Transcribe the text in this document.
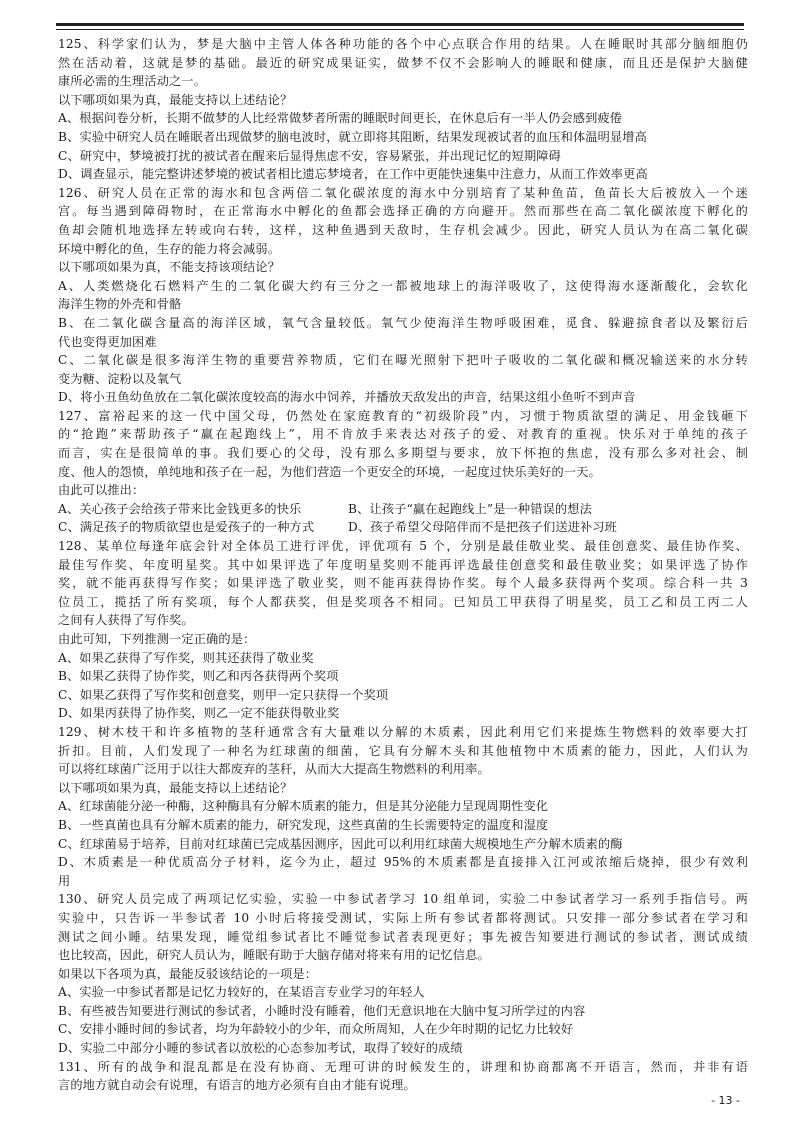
125、科学家们认为，梦是大脑中主管人体各种功能的各个中心点联合作用的结果。人在睡眠时其部分脑细胞仍
然在活动着，这就是梦的基础。最近的研究成果证实，做梦不仅不会影响人的睡眠和健康，而且还是保护大脑健
康所必需的生理活动之一。
以下哪项如果为真，最能支持以上述结论？
A、根据问卷分析，长期不做梦的人比经常做梦者所需的睡眠时间更长，在休息后有一半人仍会感到疲倦
B、实验中研究人员在睡眠者出现做梦的脑电波时，就立即将其阻断，结果发现被试者的血压和体温明显增高
C、研究中，梦境被打扰的被试者在醒来后显得焦虑不安，容易紧张，并出现记忆的短期障碍
D、调查显示，能完整讲述梦境的被试者相比遗忘梦境者，在工作中更能快速集中注意力，从而工作效率更高
126、研究人员在正常的海水和包含两倍二氧化碳浓度的海水中分别培育了某种鱼苗，鱼苗长大后被放入一个迷
宫。每当遇到障碍物时，在正常海水中孵化的鱼都会选择正确的方向避开。然而那些在高二氧化碳浓度下孵化的
鱼却会随机地选择左转或向右转，这样，这种鱼遇到天敌时，生存机会减少。因此，研究人员认为在高二氧化碳
环境中孵化的鱼，生存的能力将会减弱。
以下哪项如果为真，不能支持该项结论？
A、人类燃烧化石燃料产生的二氧化碳大约有三分之一都被地球上的海洋吸收了，这使得海水逐渐酸化，会软化
海洋生物的外壳和骨骼
B、在二氧化碳含量高的海洋区域，氧气含量较低。氧气少使海洋生物呼吸困难，觅食、躲避掠食者以及繁衍后
代也变得更加困难
C、二氧化碳是很多海洋生物的重要营养物质，它们在曝光照射下把叶子吸收的二氧化碳和概况输送来的水分转
变为糖、淀粉以及氧气
D、将小丑鱼幼鱼放在二氧化碳浓度较高的海水中饲养，并播放天敌发出的声音，结果这组小鱼听不到声音
127、富裕起来的这一代中国父母，仍然处在家庭教育的“初级阶段”内，习惯于物质欲望的满足、用金钱砸下
的“抢跑”来帮助孩子“赢在起跑线上”，用不肯放手来表达对孩子的爱、对教育的重视。快乐对于单纯的孩子
而言，实在是很简单的事。我们要心的父母，没有那么多期望与要求，放下怀抱的焦虑，没有那么多对社会、制
度、他人的怨愤，单纯地和孩子在一起，为他们营造一个更安全的环境，一起度过快乐美好的一天。
由此可以推出：
A、关心孩子会给孩子带来比金钱更多的快乐	B、让孩子“赢在起跑线上”是一种错误的想法
C、满足孩子的物质欲望也是爱孩子的一种方式	D、孩子希望父母陪伴而不是把孩子们送进补习班
128、某单位每逢年底会针对全体员工进行评优，评优项有 5 个，分别是最佳敬业奖、最佳创意奖、最佳协作奖、
最佳写作奖、年度明星奖。其中如果评选了年度明星奖则不能再评选最佳创意奖和最佳敬业奖；如果评选了协作
奖，就不能再获得写作奖；如果评选了敬业奖，则不能再获得协作奖。每个人最多获得两个奖项。综合科一共 3
位员工，揽括了所有奖项，每个人都获奖，但是奖项各不相同。已知员工甲获得了明星奖，员工乙和员工丙二人
之间有人获得了写作奖。
由此可知，下列推测一定正确的是：
A、如果乙获得了写作奖，则其还获得了敬业奖
B、如果乙获得了协作奖，则乙和丙各获得两个奖项
C、如果乙获得了写作奖和创意奖，则甲一定只获得一个奖项
D、如果丙获得了协作奖，则乙一定不能获得敬业奖
129、树木枝干和许多植物的茎秆通常含有大量难以分解的木质素，因此利用它们来提炼生物燃料的效率要大打
折扣。目前，人们发现了一种名为红球菌的细菌，它具有分解木头和其他植物中木质素的能力，因此，人们认为
可以将红球菌广泛用于以往大都废弃的茎秆，从而大大提高生物燃料的利用率。
以下哪项如果为真，最能支持以上述结论？
A、红球菌能分泌一种酶，这种酶具有分解木质素的能力，但是其分泌能力呈现周期性变化
B、一些真菌也具有分解木质素的能力，研究发现，这些真菌的生长需要特定的温度和湿度
C、红球菌易于培养，目前对红球菌已完成基因测序，因此可以利用红球菌大规模地生产分解木质素的酶
D、木质素是一种优质高分子材料，迄今为止，超过 95%的木质素都是直接排入江河或浓缩后烧掉，很少有效利
用
130、研究人员完成了两项记忆实验，实验一中参试者学习 10 组单词，实验二中参试者学习一系列手指信号。两
实验中，只告诉一半参试者 10 小时后将接受测试，实际上所有参试者都将测试。只安排一部分参试者在学习和
测试之间小睡。结果发现，睡觉组参试者比不睡觉参试者表现更好；事先被告知要进行测试的参试者，测试成绩
也比较高，因此，研究人员认为，睡眠有助于大脑存储对将来有用的记忆信息。
如果以下各项为真，最能反驳该结论的一项是：
A、实验一中参试者都是记忆力较好的，在某语言专业学习的年轻人
B、有些被告知要进行测试的参试者，小睡时没有睡着，他们无意识地在大脑中复习所学过的内容
C、安排小睡时间的参试者，均为年龄较小的少年，而众所周知，人在少年时期的记忆力比较好
D、实验二中部分小睡的参试者以放松的心态参加考试，取得了较好的成绩
131、所有的战争和混乱都是在没有协商、无理可讲的时候发生的，讲理和协商都离不开语言，然而，并非有语
言的地方就自动会有说理，有语言的地方必须有自由才能有说理。
- 13 -
